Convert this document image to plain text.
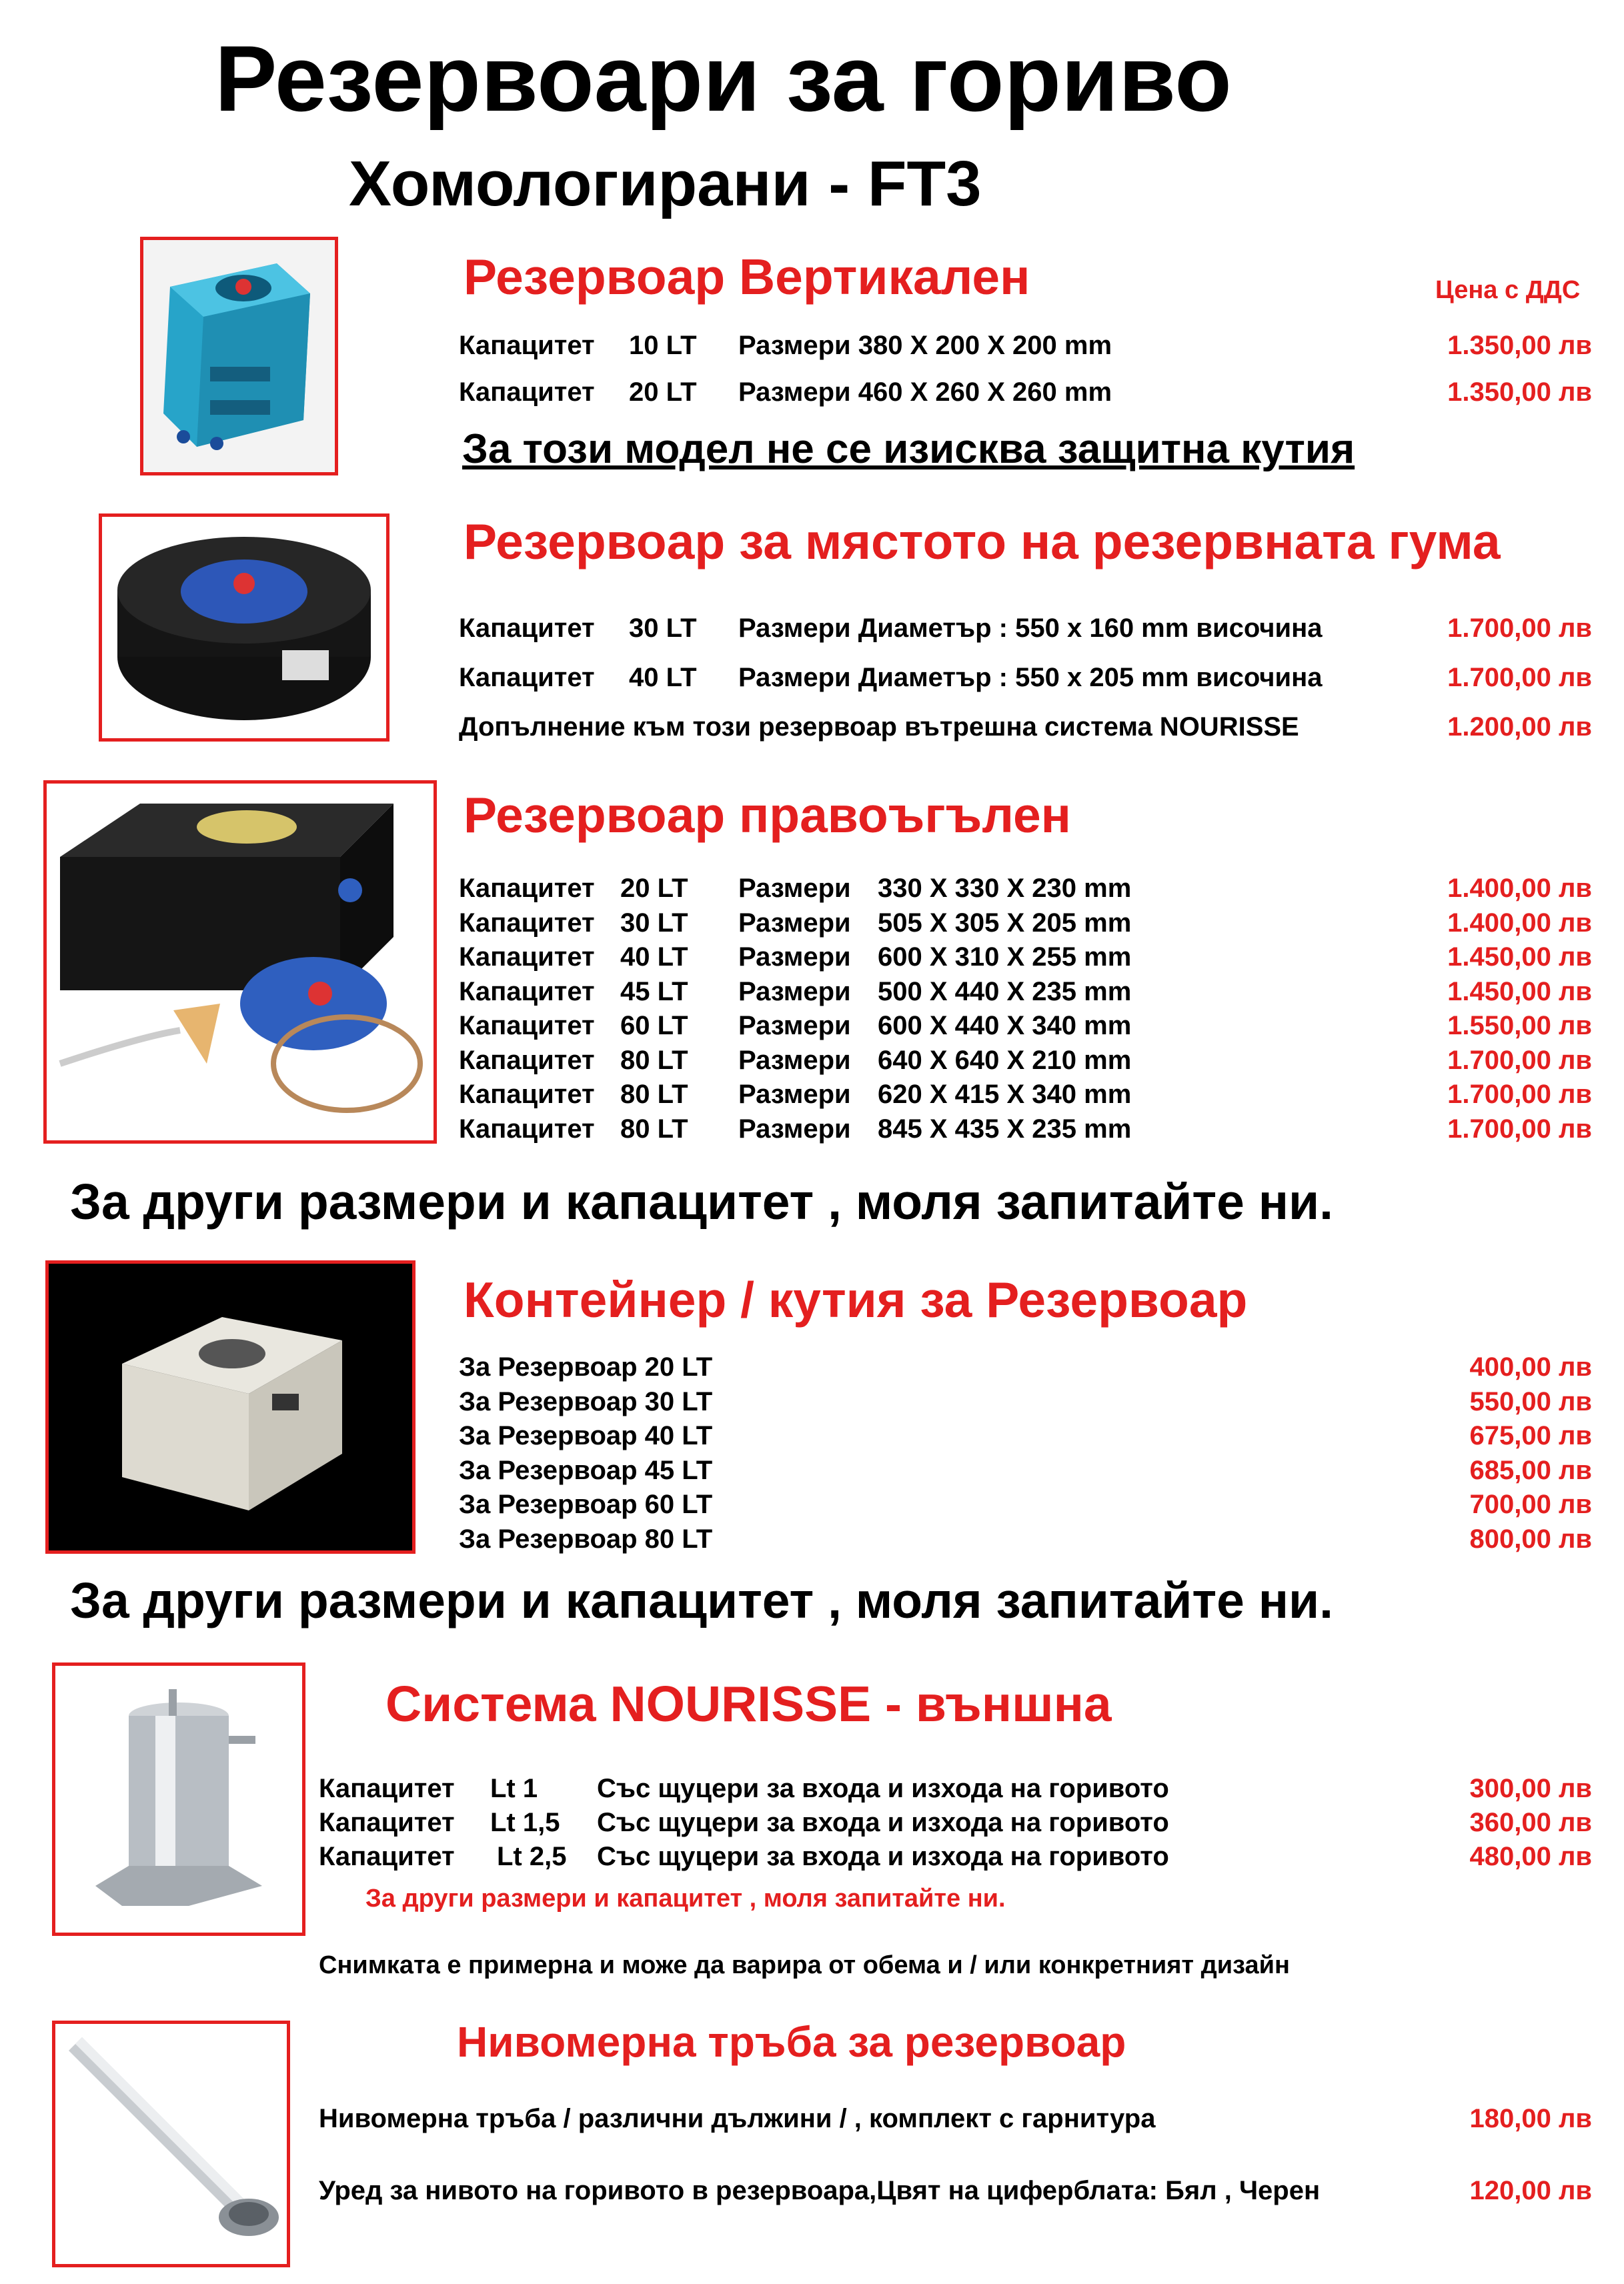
Резервоари за гориво
Хомологирани - FT3
Резервоар Вертикален	Цена с ДДС
Капацитет 10 LT Размери 380 X 200 X 200 mm	1.350,00 лв
Капацитет 20 LT Размери 460 X 260 X 260 mm	1.350,00 лв
За този модел не се изисква защитна кутия
Резервоар за мястото на резервната гума
Капацитет 30 LT Размери Диаметър : 550 x 160 mm височина	1.700,00 лв
Капацитет 40 LT Размери Диаметър : 550 x 205 mm височина	1.700,00 лв
Допълнение към този резервоар вътрешна система NOURISSE	1.200,00 лв
Резервоар правоъгълен
Капацитет 20 LT Размери 330 X 330 X 230 mm	1.400,00 лв
Капацитет 30 LT Размери 505 X 305 X 205 mm	1.400,00 лв
Капацитет 40 LT Размери 600 X 310 X 255 mm	1.450,00 лв
Капацитет 45 LT Размери 500 X 440 X 235 mm	1.450,00 лв
Капацитет 60 LT Размери 600 X 440 X 340 mm	1.550,00 лв
Капацитет 80 LT Размери 640 X 640 X 210 mm	1.700,00 лв
Капацитет 80 LT Размери 620 X 415 X 340 mm	1.700,00 лв
Капацитет 80 LT Размери 845 X 435 X 235 mm	1.700,00 лв
За други размери и капацитет , моля запитайте ни.
Контейнер / кутия за Резервоар
За Резервоар 20 LT	400,00 лв
За Резервоар 30 LT	550,00 лв
За Резервоар 40 LT	675,00 лв
За Резервоар 45 LT	685,00 лв
За Резервоар 60 LT	700,00 лв
За Резервоар 80 LT	800,00 лв
За други размери и капацитет , моля запитайте ни.
Система NOURISSE - външна
Капацитет Lt 1 Със щуцери за входа и изхода на горивото	300,00 лв
Капацитет Lt 1,5 Със щуцери за входа и изхода на горивото	360,00 лв
Капацитет Lt 2,5 Със щуцери за входа и изхода на горивото	480,00 лв
За други размери и капацитет , моля запитайте ни.
Снимката е примерна и може да варира от обема и / или конкретният дизайн
Нивомерна тръба за резервоар
Нивомерна тръба / различни дължини / , комплект с гарнитура	180,00 лв
Уред за нивото на горивото в резервоара,Цвят на циферблата: Бял , Черен	120,00 лв
